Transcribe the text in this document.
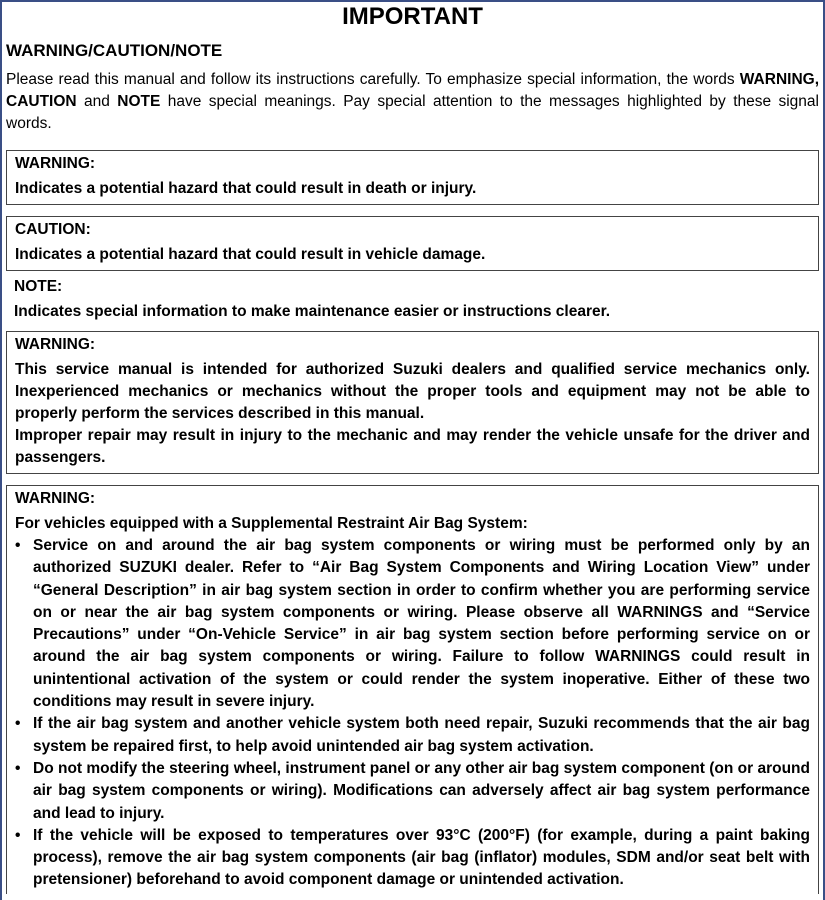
IMPORTANT
WARNING/CAUTION/NOTE
Please read this manual and follow its instructions carefully. To emphasize special information, the words WARNING, CAUTION and NOTE have special meanings. Pay special attention to the messages highlighted by these signal words.
WARNING:
Indicates a potential hazard that could result in death or injury.
CAUTION:
Indicates a potential hazard that could result in vehicle damage.
NOTE:
Indicates special information to make maintenance easier or instructions clearer.
WARNING:
This service manual is intended for authorized Suzuki dealers and qualified service mechanics only. Inexperienced mechanics or mechanics without the proper tools and equipment may not be able to properly perform the services described in this manual.
Improper repair may result in injury to the mechanic and may render the vehicle unsafe for the driver and passengers.
WARNING:
For vehicles equipped with a Supplemental Restraint Air Bag System:
• Service on and around the air bag system components or wiring must be performed only by an authorized SUZUKI dealer. Refer to “Air Bag System Components and Wiring Location View” under “General Description” in air bag system section in order to confirm whether you are performing service on or near the air bag system components or wiring. Please observe all WARNINGS and “Service Precautions” under “On-Vehicle Service” in air bag system section before performing service on or around the air bag system components or wiring. Failure to follow WARNINGS could result in unintentional activation of the system or could render the system inoperative. Either of these two conditions may result in severe injury.
• If the air bag system and another vehicle system both need repair, Suzuki recommends that the air bag system be repaired first, to help avoid unintended air bag system activation.
• Do not modify the steering wheel, instrument panel or any other air bag system component (on or around air bag system components or wiring). Modifications can adversely affect air bag system performance and lead to injury.
• If the vehicle will be exposed to temperatures over 93°C (200°F) (for example, during a paint baking process), remove the air bag system components (air bag (inflator) modules, SDM and/or seat belt with pretensioner) beforehand to avoid component damage or unintended activation.
